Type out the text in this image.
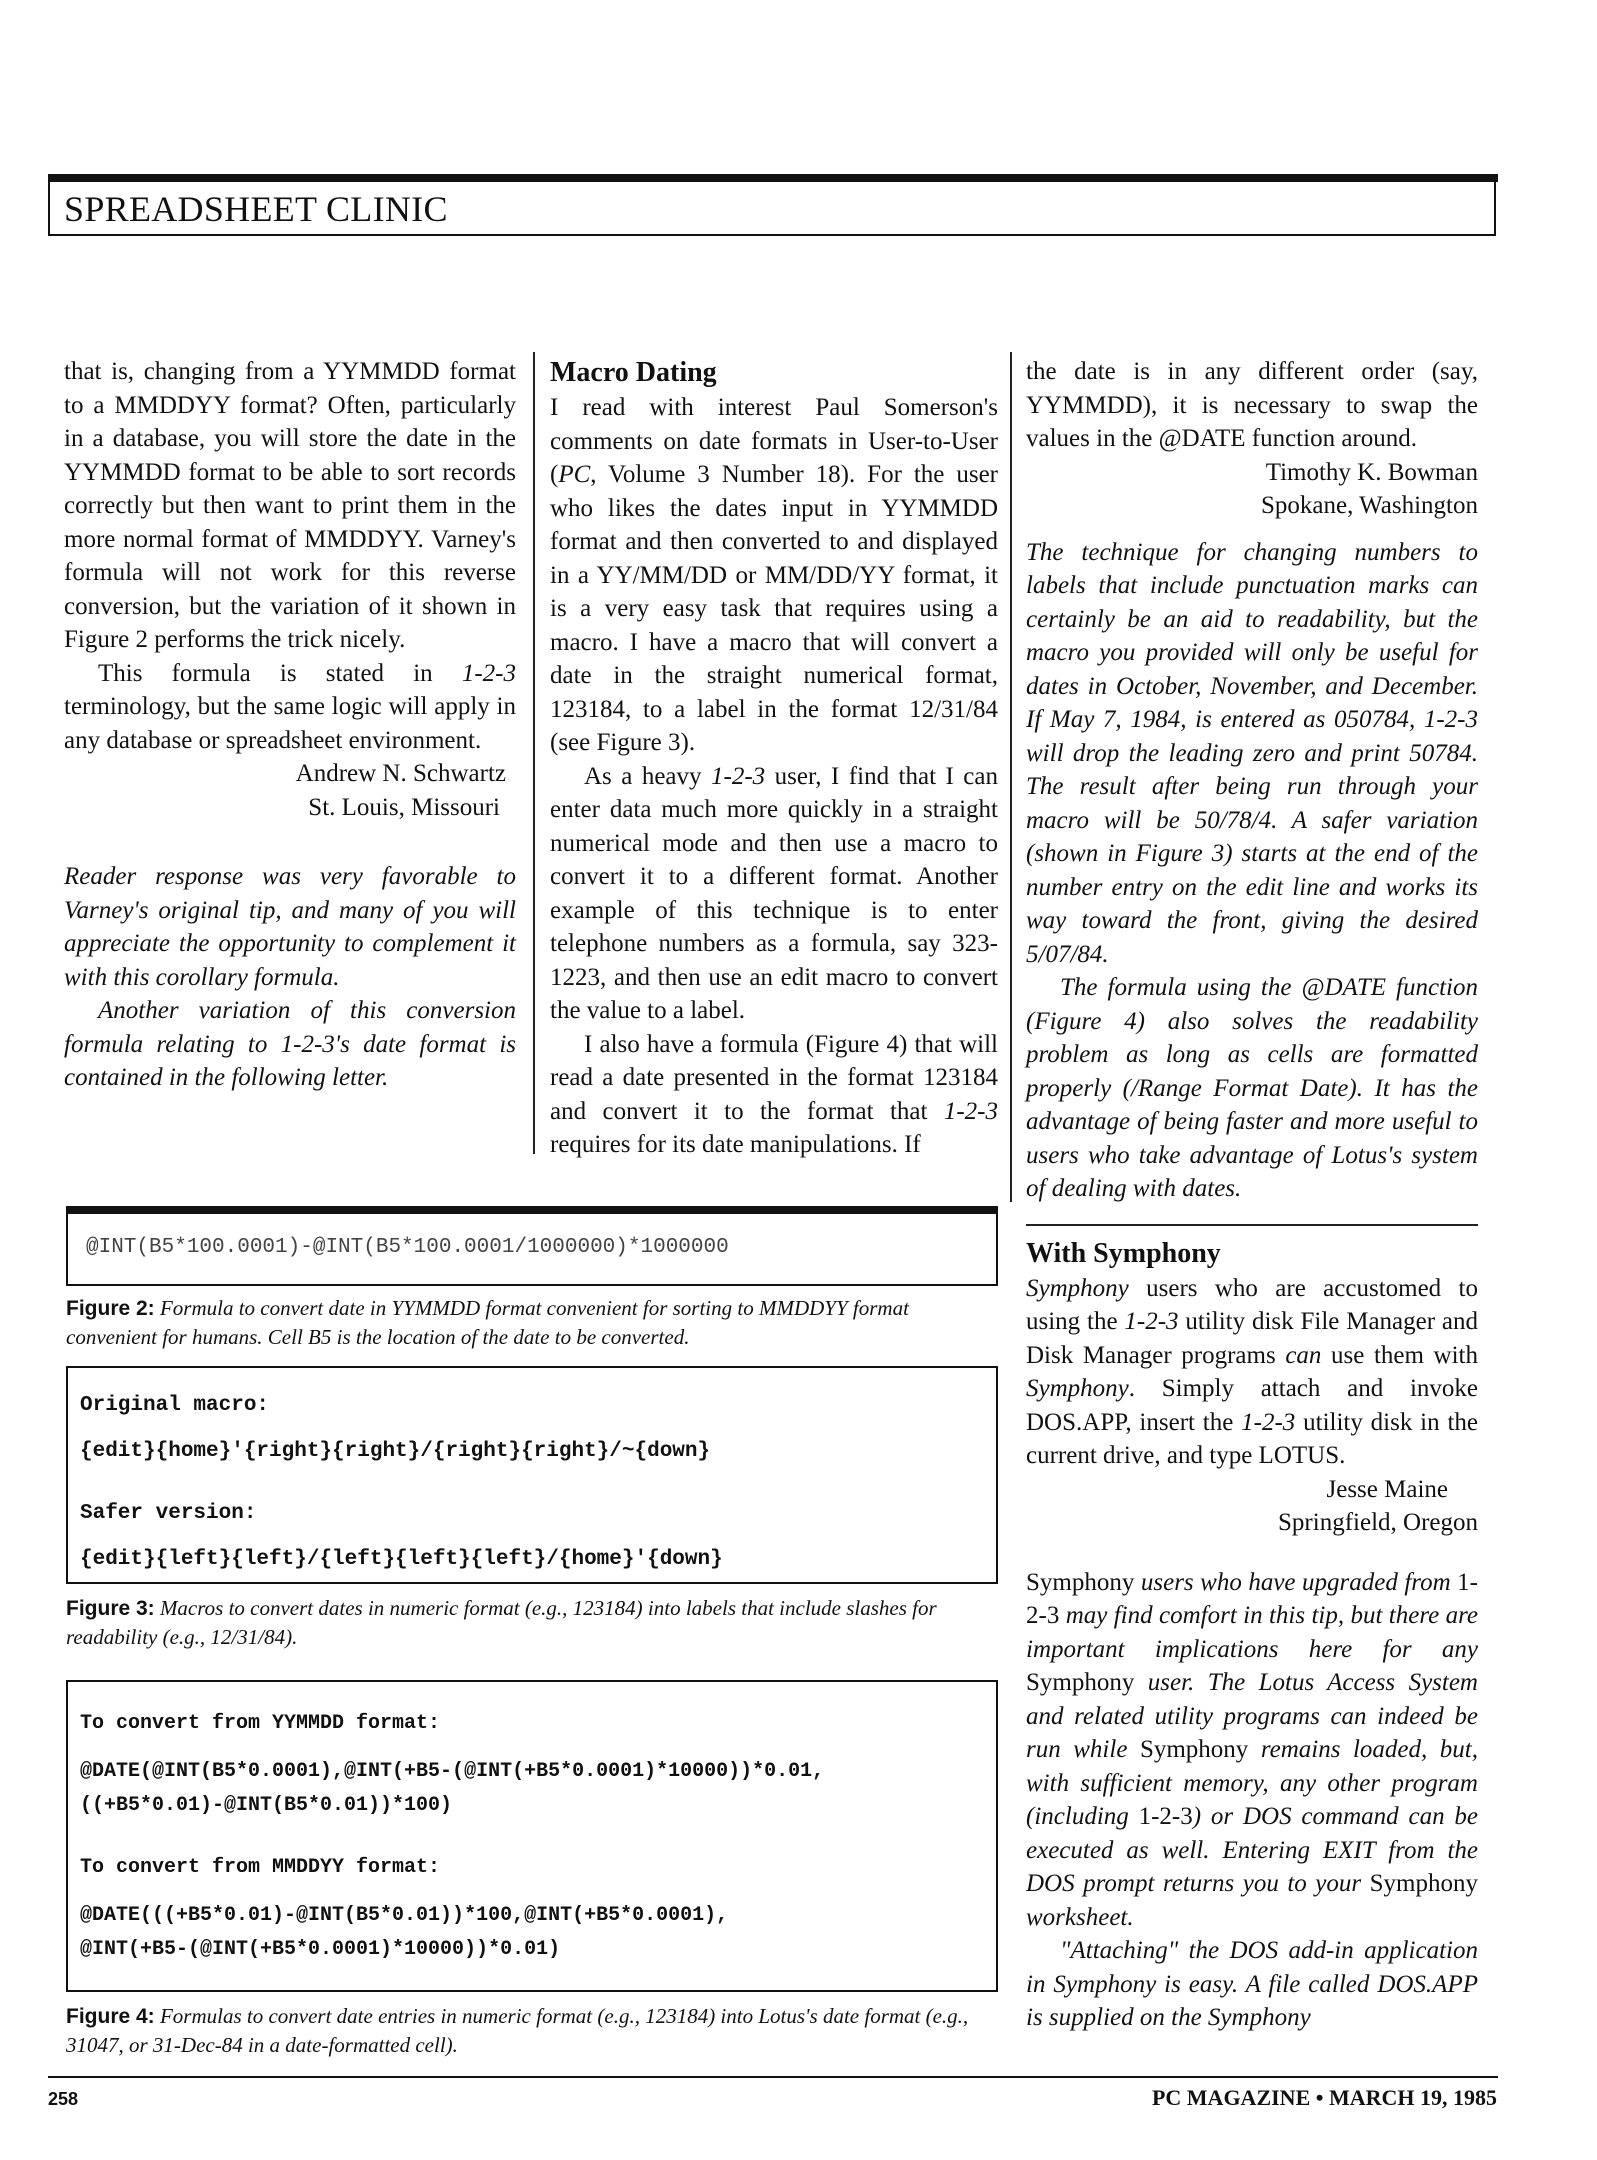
SPREADSHEET CLINIC

that is, changing from a YYMMDD format to a MMDDYY format? Often, particularly in a database, you will store the date in the YYMMDD format to be able to sort records correctly but then want to print them in the more normal format of MMDDYY. Varney's formula will not work for this reverse conversion, but the variation of it shown in Figure 2 performs the trick nicely.

This formula is stated in 1-2-3 terminology, but the same logic will apply in any database or spreadsheet environment.

Andrew N. Schwartz

St. Louis, Missouri

Reader response was very favorable to Varney's original tip, and many of you will appreciate the opportunity to complement it with this corollary formula.

Another variation of this conversion formula relating to 1-2-3's date format is contained in the following letter.

Macro Dating

I read with interest Paul Somerson's comments on date formats in User-to-User (PC, Volume 3 Number 18). For the user who likes the dates input in YYMMDD format and then converted to and displayed in a YY/MM/DD or MM/DD/YY format, it is a very easy task that requires using a macro. I have a macro that will convert a date in the straight numerical format, 123184, to a label in the format 12/31/84 (see Figure 3).

As a heavy 1-2-3 user, I find that I can enter data much more quickly in a straight numerical mode and then use a macro to convert it to a different format. Another example of this technique is to enter telephone numbers as a formula, say 323-1223, and then use an edit macro to convert the value to a label.

I also have a formula (Figure 4) that will read a date presented in the format 123184 and convert it to the format that 1-2-3 requires for its date manipulations. If

the date is in any different order (say, YYMMDD), it is necessary to swap the values in the @DATE function around.

Timothy K. Bowman

Spokane, Washington

The technique for changing numbers to labels that include punctuation marks can certainly be an aid to readability, but the macro you provided will only be useful for dates in October, November, and December. If May 7, 1984, is entered as 050784, 1-2-3 will drop the leading zero and print 50784. The result after being run through your macro will be 50/78/4. A safer variation (shown in Figure 3) starts at the end of the number entry on the edit line and works its way toward the front, giving the desired 5/07/84.

The formula using the @DATE function (Figure 4) also solves the readability problem as long as cells are formatted properly (/Range Format Date). It has the advantage of being faster and more useful to users who take advantage of Lotus's system of dealing with dates.

With Symphony

Symphony users who are accustomed to using the 1-2-3 utility disk File Manager and Disk Manager programs can use them with Symphony. Simply attach and invoke DOS.APP, insert the 1-2-3 utility disk in the current drive, and type LOTUS.

Jesse Maine

Springfield, Oregon

Symphony users who have upgraded from 1-2-3 may find comfort in this tip, but there are important implications here for any Symphony user. The Lotus Access System and related utility programs can indeed be run while Symphony remains loaded, but, with sufficient memory, any other program (including 1-2-3) or DOS command can be executed as well. Entering EXIT from the DOS prompt returns you to your Symphony worksheet.

"Attaching" the DOS add-in application in Symphony is easy. A file called DOS.APP is supplied on the Symphony

@INT(B5*100.0001)-@INT(B5*100.0001/1000000)*1000000
Figure 2: Formula to convert date in YYMMDD format convenient for sorting to MMDDYY format convenient for humans. Cell B5 is the location of the date to be converted.
Original macro:
{edit}{home}'{right}{right}/{right}{right}/~{down}
Safer version:
{edit}{left}{left}/{left}{left}{left}/{home}'{down}
Figure 3: Macros to convert dates in numeric format (e.g., 123184) into labels that include slashes for readability (e.g., 12/31/84).
To convert from YYMMDD format:
@DATE(@INT(B5*0.0001),@INT(+B5-(@INT(+B5*0.0001)*10000))*0.01,
((+B5*0.01)-@INT(B5*0.01))*100)
To convert from MMDDYY format:
@DATE(((+B5*0.01)-@INT(B5*0.01))*100,@INT(+B5*0.0001),
@INT(+B5-(@INT(+B5*0.0001)*10000))*0.01)
Figure 4: Formulas to convert date entries in numeric format (e.g., 123184) into Lotus's date format (e.g., 31047, or 31-Dec-84 in a date-formatted cell).
258	PC MAGAZINE • MARCH 19, 1985
